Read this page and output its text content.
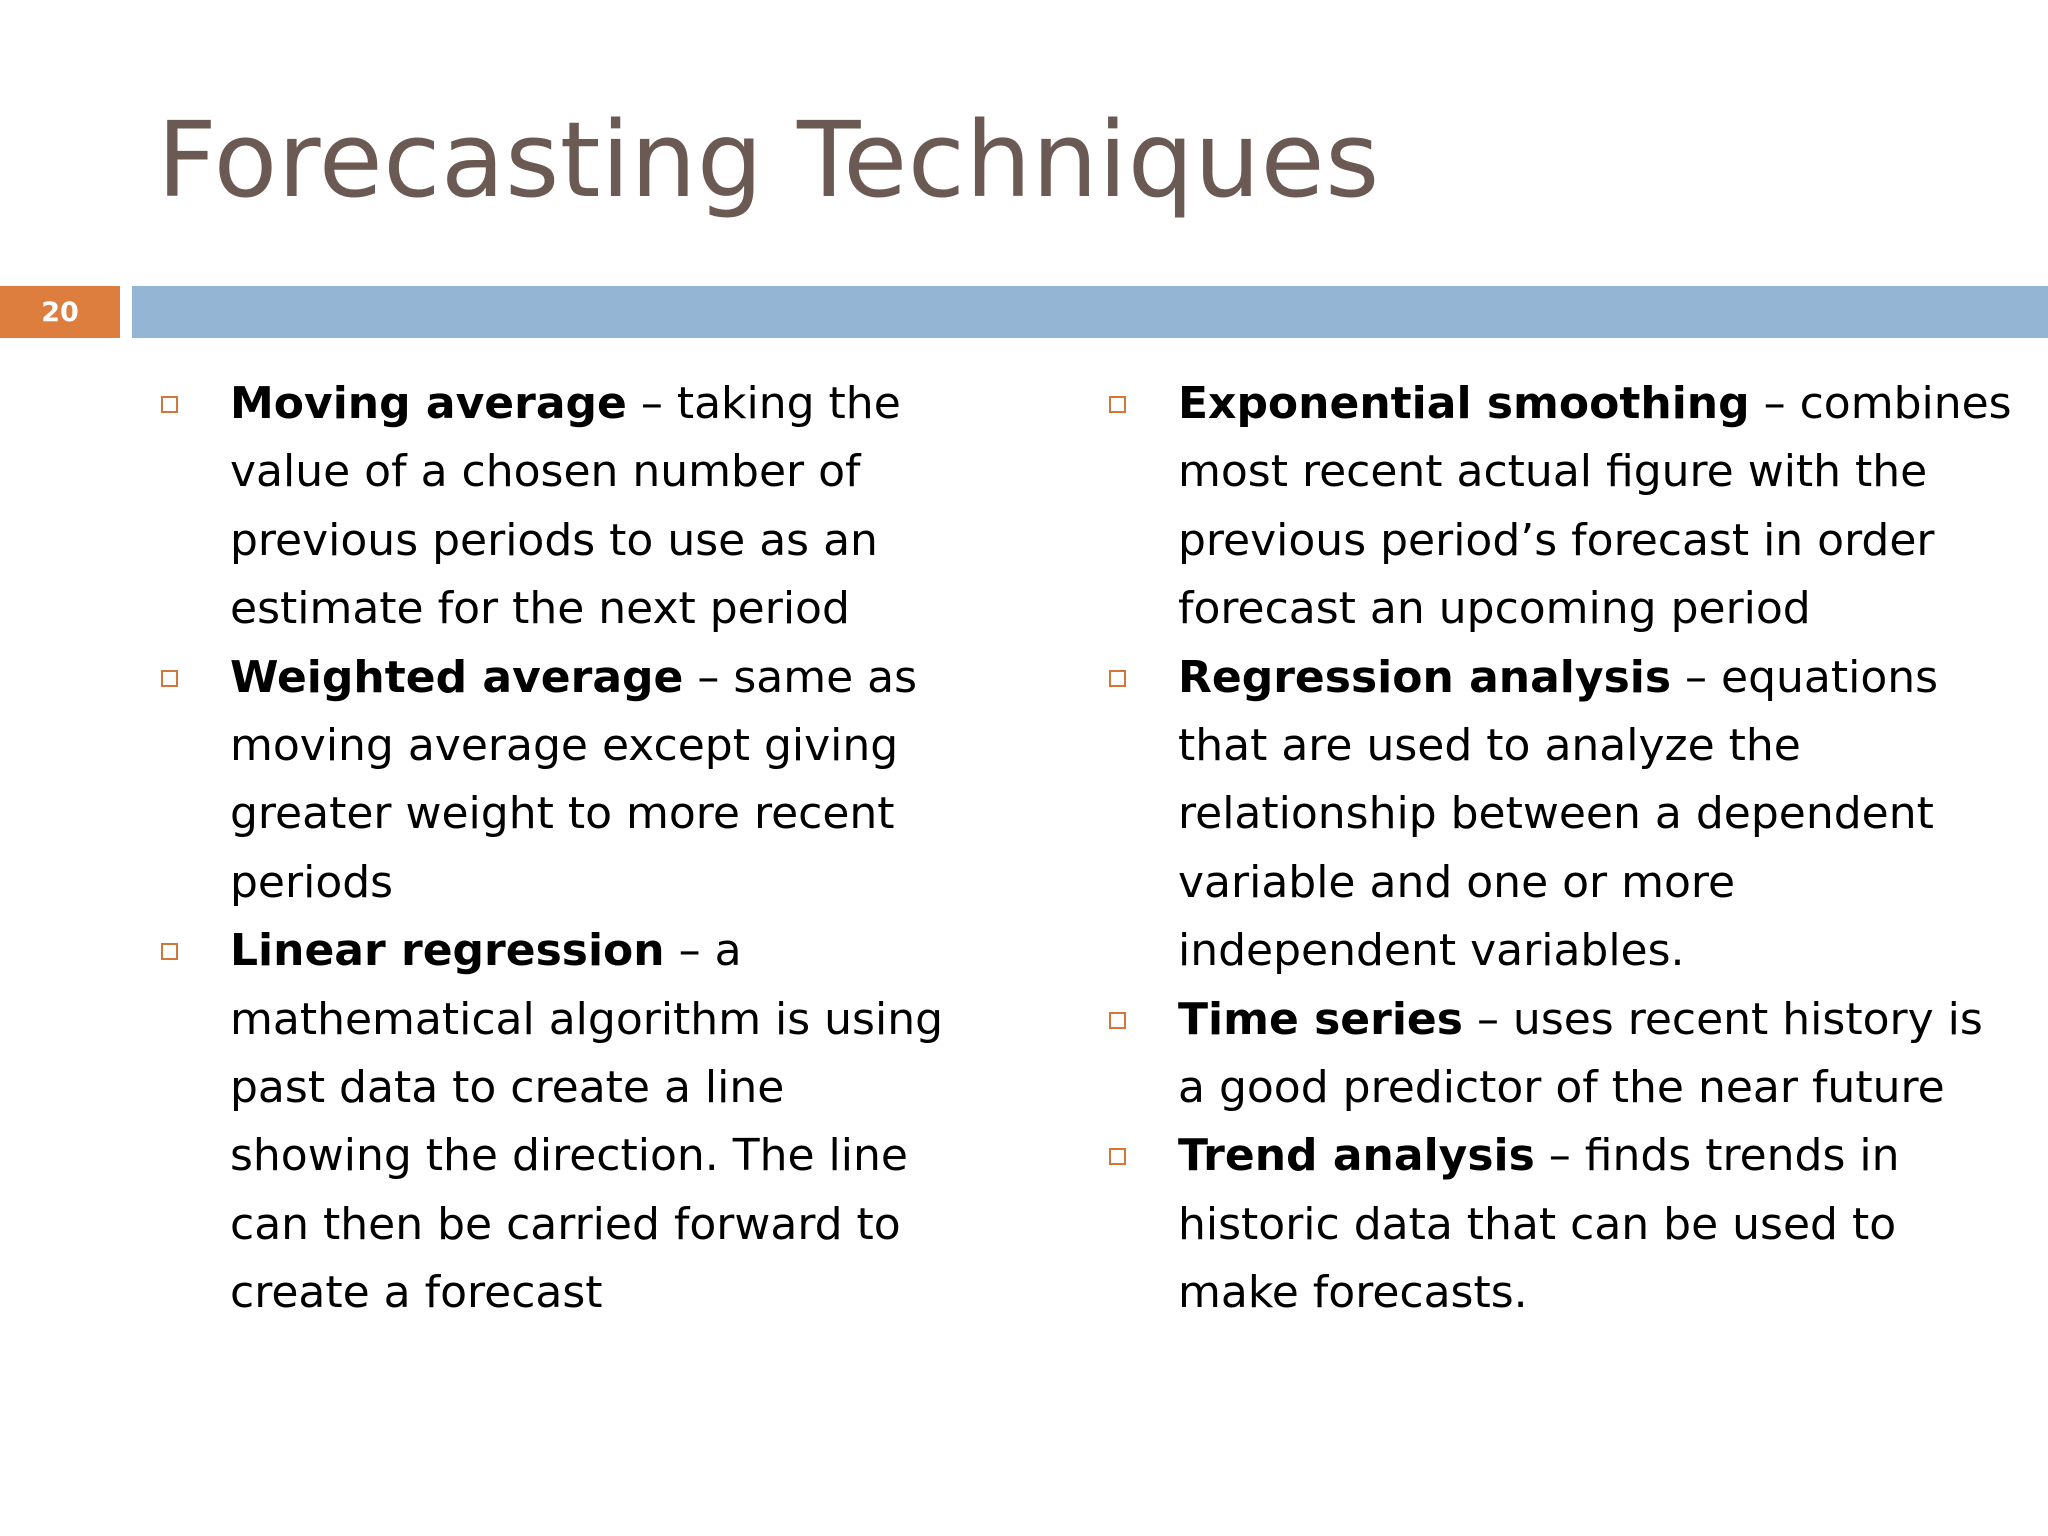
Forecasting Techniques
20
Moving average – taking the value of a chosen number of previous periods to use as an estimate for the next period
Weighted average – same as moving average except giving greater weight to more recent periods
Linear regression – a mathematical algorithm is using past data to create a line showing the direction. The line can then be carried forward to create a forecast
Exponential smoothing – combines most recent actual figure with the previous period’s forecast in order forecast an upcoming period
Regression analysis – equations that are used to analyze the relationship between a dependent variable and one or more independent variables.
Time series – uses recent history is a good predictor of the near future
Trend analysis – finds trends in historic data that can be used to make forecasts.
